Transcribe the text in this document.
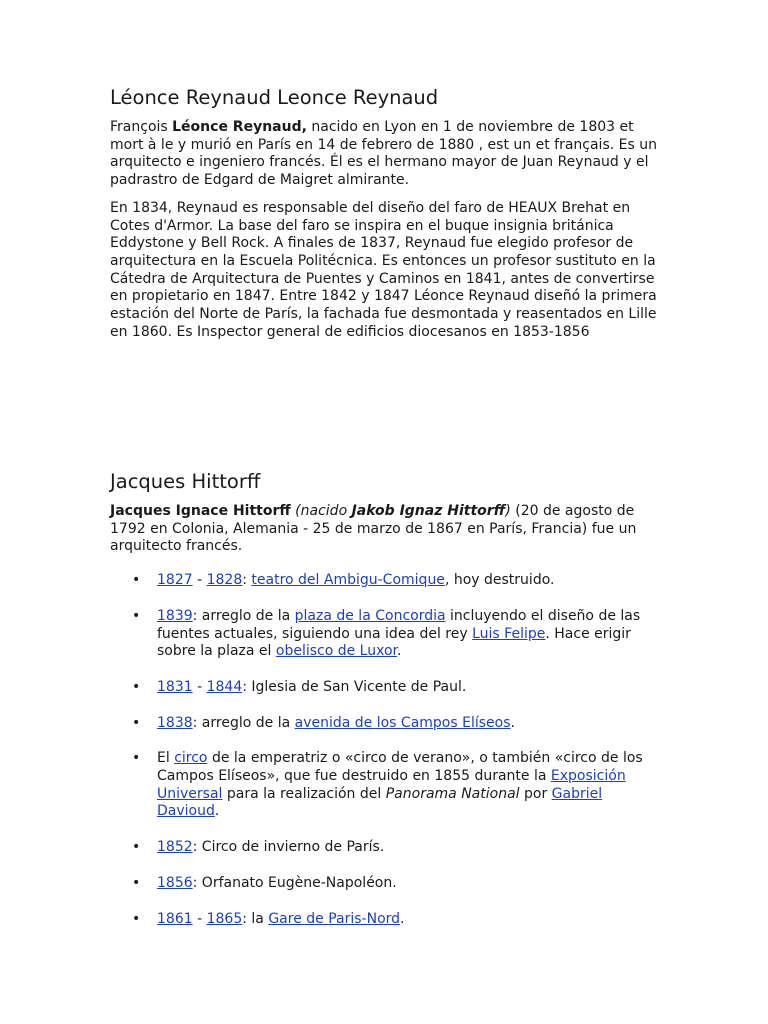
Léonce Reynaud Leonce Reynaud

François Léonce Reynaud, nacido en Lyon en 1 de noviembre de 1803 et mort à le y murió en París en 14 de febrero de 1880 , est un et français. Es un arquitecto e ingeniero francés. Él es el hermano mayor de Juan Reynaud y el padrastro de Edgard de Maigret almirante.

En 1834, Reynaud es responsable del diseño del faro de HEAUX Brehat en Cotes d'Armor. La base del faro se inspira en el buque insignia británica Eddystone y Bell Rock. A finales de 1837, Reynaud fue elegido profesor de arquitectura en la Escuela Politécnica. Es entonces un profesor sustituto en la Cátedra de Arquitectura de Puentes y Caminos en 1841, antes de convertirse en propietario en 1847. Entre 1842 y 1847 Léonce Reynaud diseñó la primera estación del Norte de París, la fachada fue desmontada y reasentados en Lille en 1860. Es Inspector general de edificios diocesanos en 1853-1856

Jacques Hittorff

Jacques Ignace Hittorff (nacido Jakob Ignaz Hittorff) (20 de agosto de 1792 en Colonia, Alemania - 25 de marzo de 1867 en París, Francia) fue un arquitecto francés.

• 1827 - 1828: teatro del Ambigu-Comique, hoy destruido.
• 1839: arreglo de la plaza de la Concordia incluyendo el diseño de las fuentes actuales, siguiendo una idea del rey Luis Felipe. Hace erigir sobre la plaza el obelisco de Luxor.
• 1831 - 1844: Iglesia de San Vicente de Paul.
• 1838: arreglo de la avenida de los Campos Elíseos.
• El circo de la emperatriz o «circo de verano», o también «circo de los Campos Elíseos», que fue destruido en 1855 durante la Exposición Universal para la realización del Panorama National por Gabriel Davioud.
• 1852: Circo de invierno de París.
• 1856: Orfanato Eugène-Napoléon.
• 1861 - 1865: la Gare de Paris-Nord.
